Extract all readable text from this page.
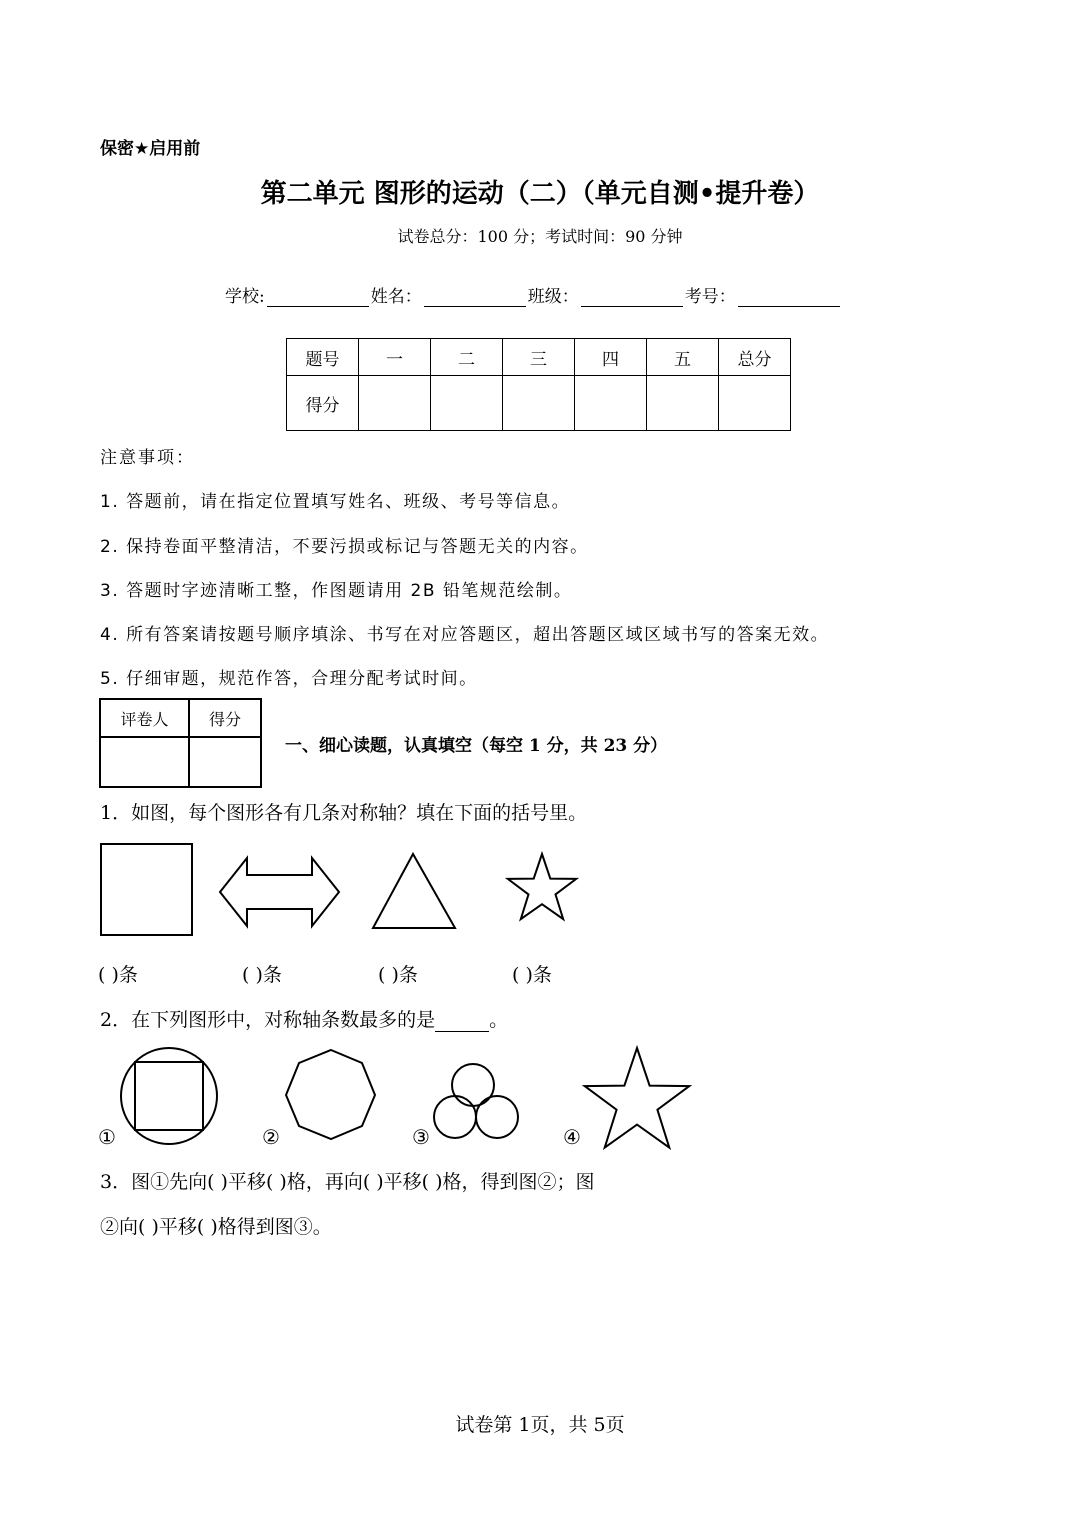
保密★启用前
第二单元 图形的运动（二）（单元自测•提升卷）
试卷总分：100 分；考试时间：90 分钟
学校:	姓名：	班级：	考号：
题号	一	二	三	四	五	总分
得分						
注意事项：
1. 答题前，请在指定位置填写姓名、班级、考号等信息。
2. 保持卷面平整清洁，不要污损或标记与答题无关的内容。
3. 答题时字迹清晰工整，作图题请用 2B 铅笔规范绘制。
4. 所有答案请按题号顺序填涂、书写在对应答题区，超出答题区域区域书写的答案无效。
5. 仔细审题，规范作答，合理分配考试时间。
评卷人	得分

一、细心读题，认真填空（每空 1 分，共 23 分）
1．如图，每个图形各有几条对称轴？填在下面的括号里。
( )条	( )条	( )条	( )条
2．在下列图形中，对称轴条数最多的是	。
①	②	③	④
3．图①先向( )平移( )格，再向( )平移( )格，得到图②；图
②向( )平移( )格得到图③。
试卷第 1页，共 5页
